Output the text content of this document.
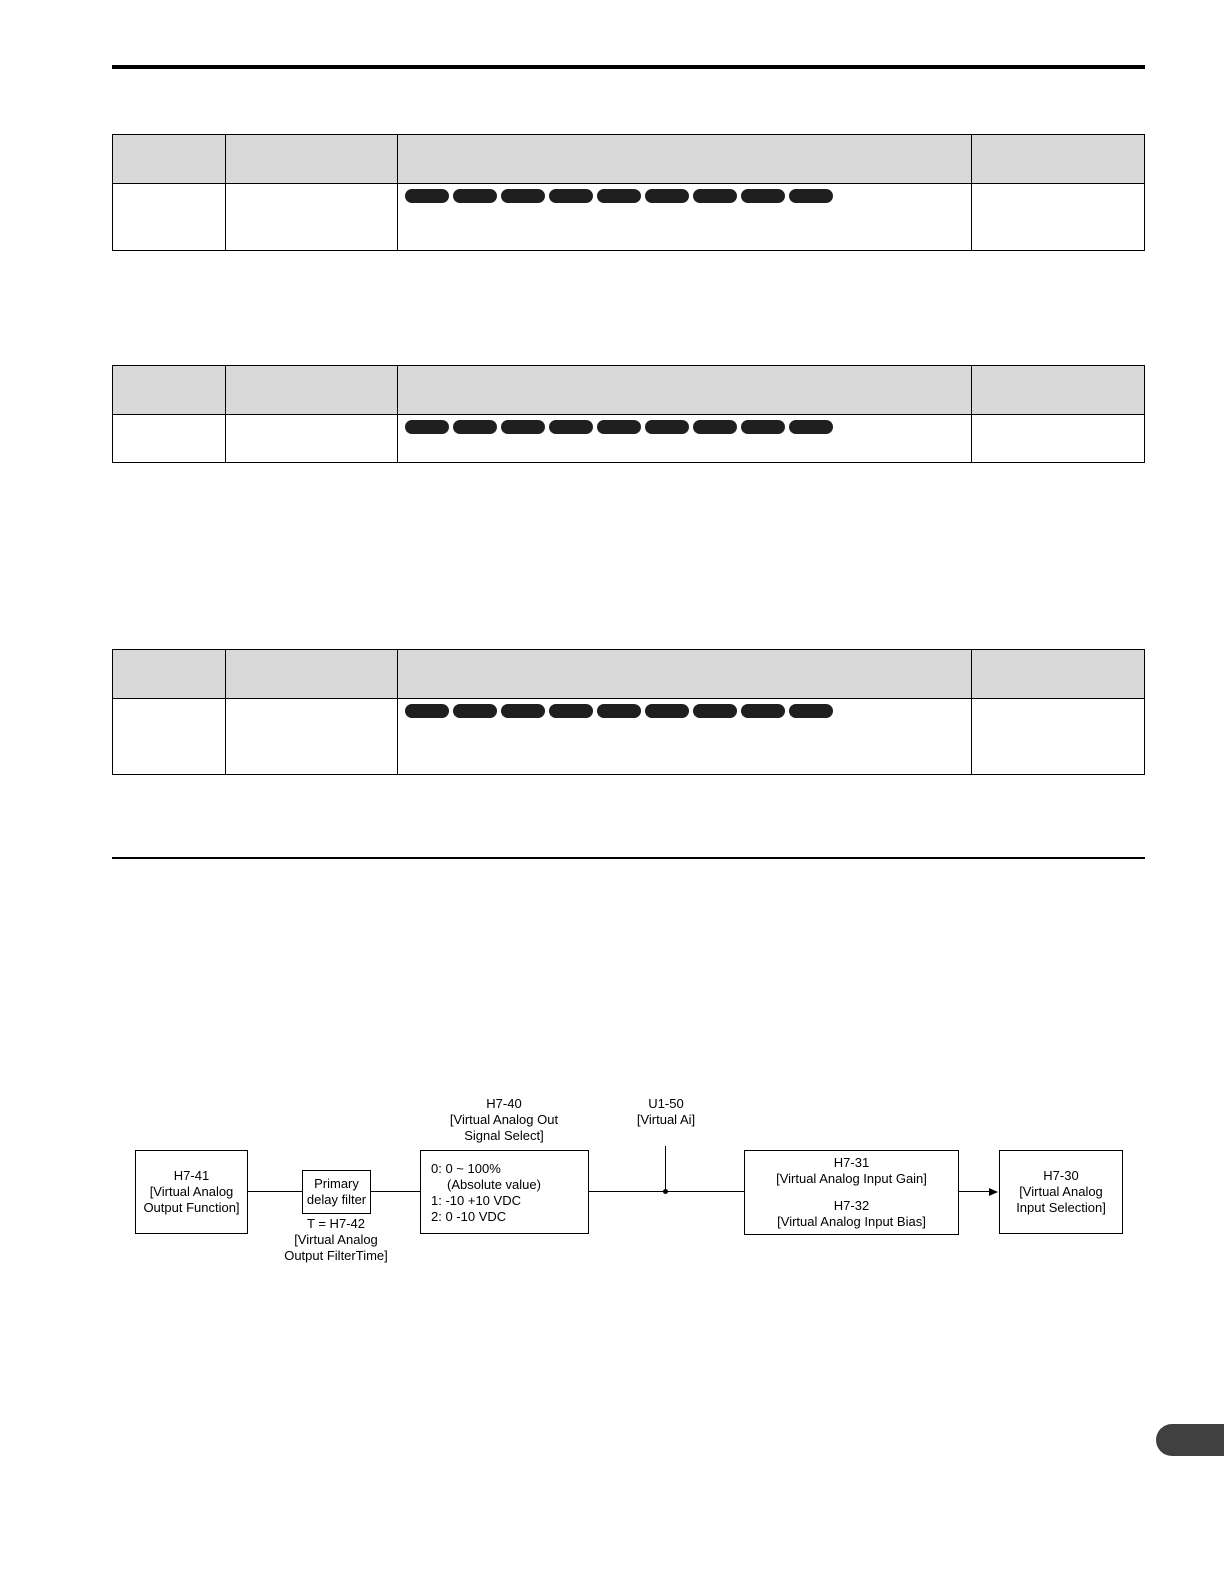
H7-41
[Virtual Analog
Output Function]
Primary
delay filter
T = H7-42
[Virtual Analog
Output FilterTime]
H7-40
[Virtual Analog Out
Signal Select]
0: 0 ~ 100%
(Absolute value)
1: -10 +10 VDC
2: 0 -10 VDC
U1-50
[Virtual Ai]
H7-31
[Virtual Analog Input Gain]
H7-32
[Virtual Analog Input Bias]
H7-30
[Virtual Analog
Input Selection]
